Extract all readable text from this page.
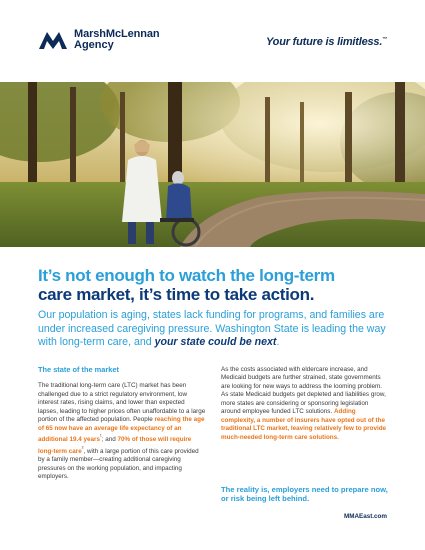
MarshMcLennan
Agency	Your future is limitless.™
It’s not enough to watch the long-term
care market, it’s time to take action.

Our population is aging, states lack funding for programs, and families are under increased caregiving pressure. Washington State is leading the way with long-term care, and your state could be next.

The state of the market

The traditional long-term care (LTC) market has been challenged due to a strict regulatory environment, low interest rates, rising claims, and lower than expected lapses, leading to higher prices often unaffordable to a large portion of the affected population. People reaching the age of 65 now have an average life expectancy of an additional 19.4 years$^{^1}$; and 70% of those will require long-term care$^{^2}$, with a large portion of this care provided by a family member—creating additional caregiving pressures on the working population, and impacting employers.

As the costs associated with eldercare increase, and Medicaid budgets are further strained, state governments are looking for new ways to address the looming problem. As state Medicaid budgets get depleted and liabilities grow, more states are considering or sponsoring legislation around employee funded LTC solutions. Adding complexity, a number of insurers have opted out of the traditional LTC market, leaving relatively few to provide much-needed long-term care solutions.

The reality is, employers need to prepare now, or risk being left behind.
MMAEast.com
